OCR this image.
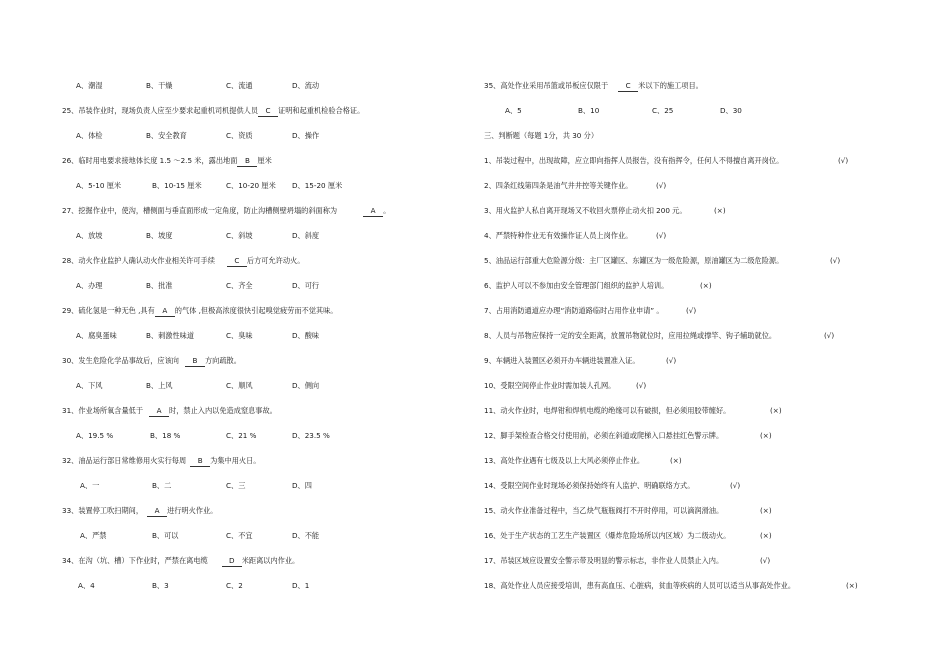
A、潮湿	B、干燥	C、流通	D、流动
25、吊装作业时，现场负责人应至少要求起重机司机提供人员 C 证明和起重机检验合格证。
A、体检	B、安全教育	C、资质	D、操作
26、临时用电要求接地体长度 1.5 ～2.5 米，露出地面 B 厘米
A、5-10 厘米	B、10-15 厘米	C、10-20 厘米 D、15-20 厘米
27、挖掘作业中，使沟，槽侧面与垂直面形成一定角度，防止沟槽侧壁坍塌的斜面称为	A 。
A、放坡	B、坡度	C、斜坡	D、斜度
28、动火作业监护人确认动火作业相关许可手续	C 后方可允许动火。
A、办理	B、批准	C、齐全	D、可行
29、硫化氢是一种无色 ,具有 A 的气体 ,但极高浓度很快引起嗅觉疲劳而不觉其味。
A、腐臭蛋味	B、刺激性味道	C、臭味	D、酸味
30、发生危险化学品事故后，应该向 B 方向疏散。
A、下风	B、上风	C、顺风	D、侧向
31、作业场所氧含量低于 A 时，禁止入内以免造成窒息事故。
A、19.5 %	B、18 %	C、21 %	D、23.5 %
32、油品运行部日常维修用火实行每周 B 为集中用火日。
A、一	B、二	C、三	D、四
33、装置停工吹扫期间， A 进行明火作业。
A、严禁	B、可以	C、不宜	D、不能
34、在沟（坑、槽）下作业时，严禁在离电缆	D 米距离以内作业。
A、4	B、3	C、2	D、1
35、高处作业采用吊篮或吊板应仅限于 C 米以下的施工项目。
A、5	B、10	C、25	D、30
三、判断题（每题 1分，共 30 分）
1、吊装过程中，出现故障，应立即向指挥人员报告，没有指挥令，任何人不得擅自离开岗位。	(√)
2、四条红线第四条是油气井井控等关键作业。	(√)
3、用火监护人私自离开现场又不收回火票停止动火扣 200 元。	(×)
4、严禁特种作业无有效操作证人员上岗作业。	(√)
5、油品运行部重大危险源分级：主厂区罐区、东罐区为一级危险源，原油罐区为二级危险源。	(√)
6、监护人可以不参加由安全管理部门组织的监护人培训。	(×)
7、占用消防通道应办理“消防道路临时占用作业申请” 。	(√)
8、人员与吊物应保持一定的安全距离，放置吊物就位时，应用拉绳或撑竿、钩子辅助就位。	(√)
9、车辆进入装置区必须开办车辆进装置准入证。	(√)
10、受限空间停止作业时需加装人孔网。	(√)
11、动火作业时，电焊钳和焊机电缆的绝缘可以有破损，但必须用胶带缠好。	(×)
12、脚手架检查合格交付使用前，必须在斜道或爬梯入口悬挂红色警示牌。	(×)
13、高处作业遇有七级及以上大风必须停止作业。	(×)
14、受限空间作业时现场必须保持始终有人监护、明确联络方式。	(√)
15、动火作业准备过程中，当乙炔气瓶瓶阀打不开时停用，可以滴润滑油。	(×)
16、处于生产状态的工艺生产装置区（爆炸危险场所以内区域）为二级动火。	(×)
17、吊装区域应设置安全警示带及明显的警示标志，非作业人员禁止入内。	(√)
18、高处作业人员应接受培训，患有高血压、心脏病，贫血等疾病的人员可以适当从事高处作业。	(×)
